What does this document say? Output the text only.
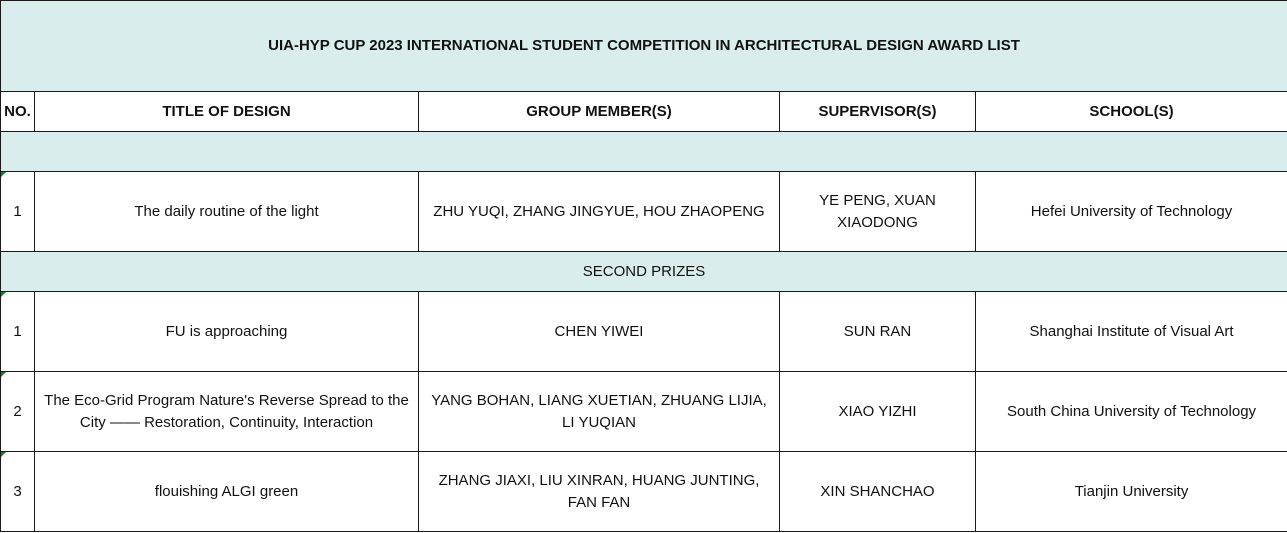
UIA-HYP CUP 2023 INTERNATIONAL STUDENT COMPETITION IN ARCHITECTURAL DESIGN AWARD LIST				
NO.	TITLE OF DESIGN	GROUP MEMBER(S)	SUPERVISOR(S)	SCHOOL(S)

1	The daily routine of the light	ZHU YUQI, ZHANG JINGYUE, HOU ZHAOPENG	YE PENG, XUAN XIAODONG	Hefei University of Technology
SECOND PRIZES				
1	FU is approaching	CHEN YIWEI	SUN RAN	Shanghai Institute of Visual Art
2	The Eco-Grid Program Nature's Reverse Spread to the City —— Restoration, Continuity, Interaction	YANG BOHAN, LIANG XUETIAN, ZHUANG LIJIA, LI YUQIAN	XIAO YIZHI	South China University of Technology
3	flouishing ALGI green	ZHANG JIAXI, LIU XINRAN, HUANG JUNTING, FAN FAN	XIN SHANCHAO	Tianjin University
